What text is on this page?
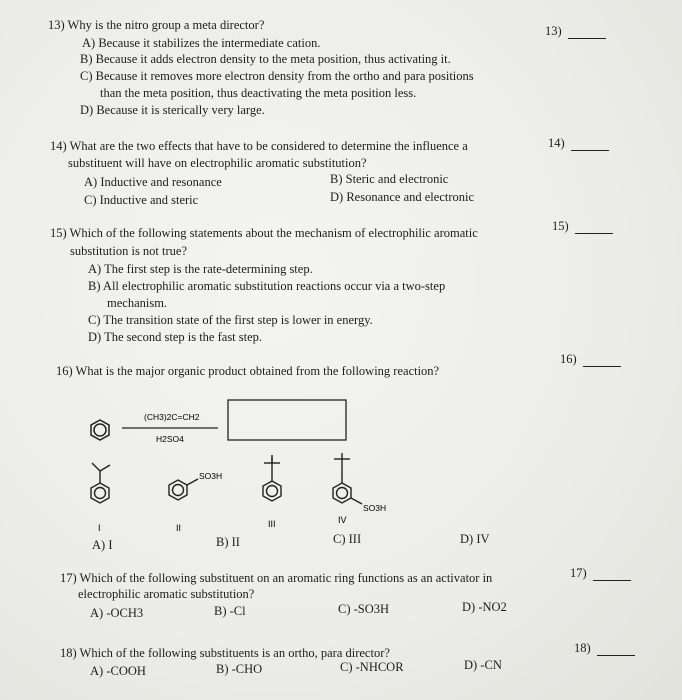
13) Why is the nitro group a meta director?
A) Because it stabilizes the intermediate cation.
B) Because it adds electron density to the meta position, thus activating it.
C) Because it removes more electron density from the ortho and para positions
than the meta position, thus deactivating the meta position less.
D) Because it is sterically very large.
13)
14) What are the two effects that have to be considered to determine the influence a
substituent will have on electrophilic aromatic substitution?
A) Inductive and resonance	B) Steric and electronic
C) Inductive and steric	D) Resonance and electronic
14)
15) Which of the following statements about the mechanism of electrophilic aromatic
substitution is not true?
A) The first step is the rate-determining step.
B) All electrophilic aromatic substitution reactions occur via a two-step
mechanism.
C) The transition state of the first step is lower in energy.
D) The second step is the fast step.
15)
16) What is the major organic product obtained from the following reaction?
16)
(CH3)2C=CH2
H2SO4
I
SO3H
II	III
SO3H
IV
A) I	B) II	C) III	D) IV
17) Which of the following substituent on an aromatic ring functions as an activator in
electrophilic aromatic substitution?
A) -OCH3	B) -Cl	C) -SO3H	D) -NO2
17)
18) Which of the following substituents is an ortho, para director?
A) -COOH	B) -CHO	C) -NHCOR	D) -CN
18)
